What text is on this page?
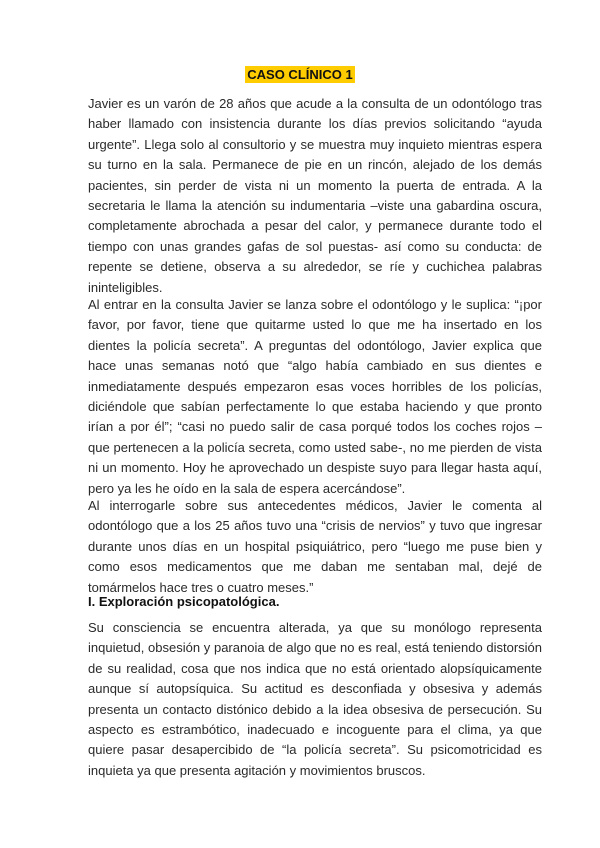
CASO CLÍNICO 1

Javier es un varón de 28 años que acude a la consulta de un odontólogo tras haber llamado con insistencia durante los días previos solicitando “ayuda urgente”. Llega solo al consultorio y se muestra muy inquieto mientras espera su turno en la sala. Permanece de pie en un rincón, alejado de los demás pacientes, sin perder de vista ni un momento la puerta de entrada. A la secretaria le llama la atención su indumentaria –viste una gabardina oscura, completamente abrochada a pesar del calor, y permanece durante todo el tiempo con unas grandes gafas de sol puestas- así como su conducta: de repente se detiene, observa a su alrededor, se ríe y cuchichea palabras ininteligibles.

Al entrar en la consulta Javier se lanza sobre el odontólogo y le suplica: “¡por favor, por favor, tiene que quitarme usted lo que me ha insertado en los dientes la policía secreta”. A preguntas del odontólogo, Javier explica que hace unas semanas notó que “algo había cambiado en sus dientes e inmediatamente después empezaron esas voces horribles de los policías, diciéndole que sabían perfectamente lo que estaba haciendo y que pronto irían a por él”; “casi no puedo salir de casa porqué todos los coches rojos –que pertenecen a la policía secreta, como usted sabe-, no me pierden de vista ni un momento. Hoy he aprovechado un despiste suyo para llegar hasta aquí, pero ya les he oído en la sala de espera acercándose”.

Al interrogarle sobre sus antecedentes médicos, Javier le comenta al odontólogo que a los 25 años tuvo una “crisis de nervios” y tuvo que ingresar durante unos días en un hospital psiquiátrico, pero “luego me puse bien y como esos medicamentos que me daban me sentaban mal, dejé de tomármelos hace tres o cuatro meses.”

I. Exploración psicopatológica.

Su consciencia se encuentra alterada, ya que su monólogo representa inquietud, obsesión y paranoia de algo que no es real, está teniendo distorsión de su realidad, cosa que nos indica que no está orientado alopsíquicamente aunque sí autopsíquica. Su actitud es desconfiada y obsesiva y además presenta un contacto distónico debido a la idea obsesiva de persecución. Su aspecto es estrambótico, inadecuado e incoguente para el clima, ya que quiere pasar desapercibido de “la policía secreta”. Su psicomotricidad es inquieta ya que presenta agitación y movimientos bruscos.
